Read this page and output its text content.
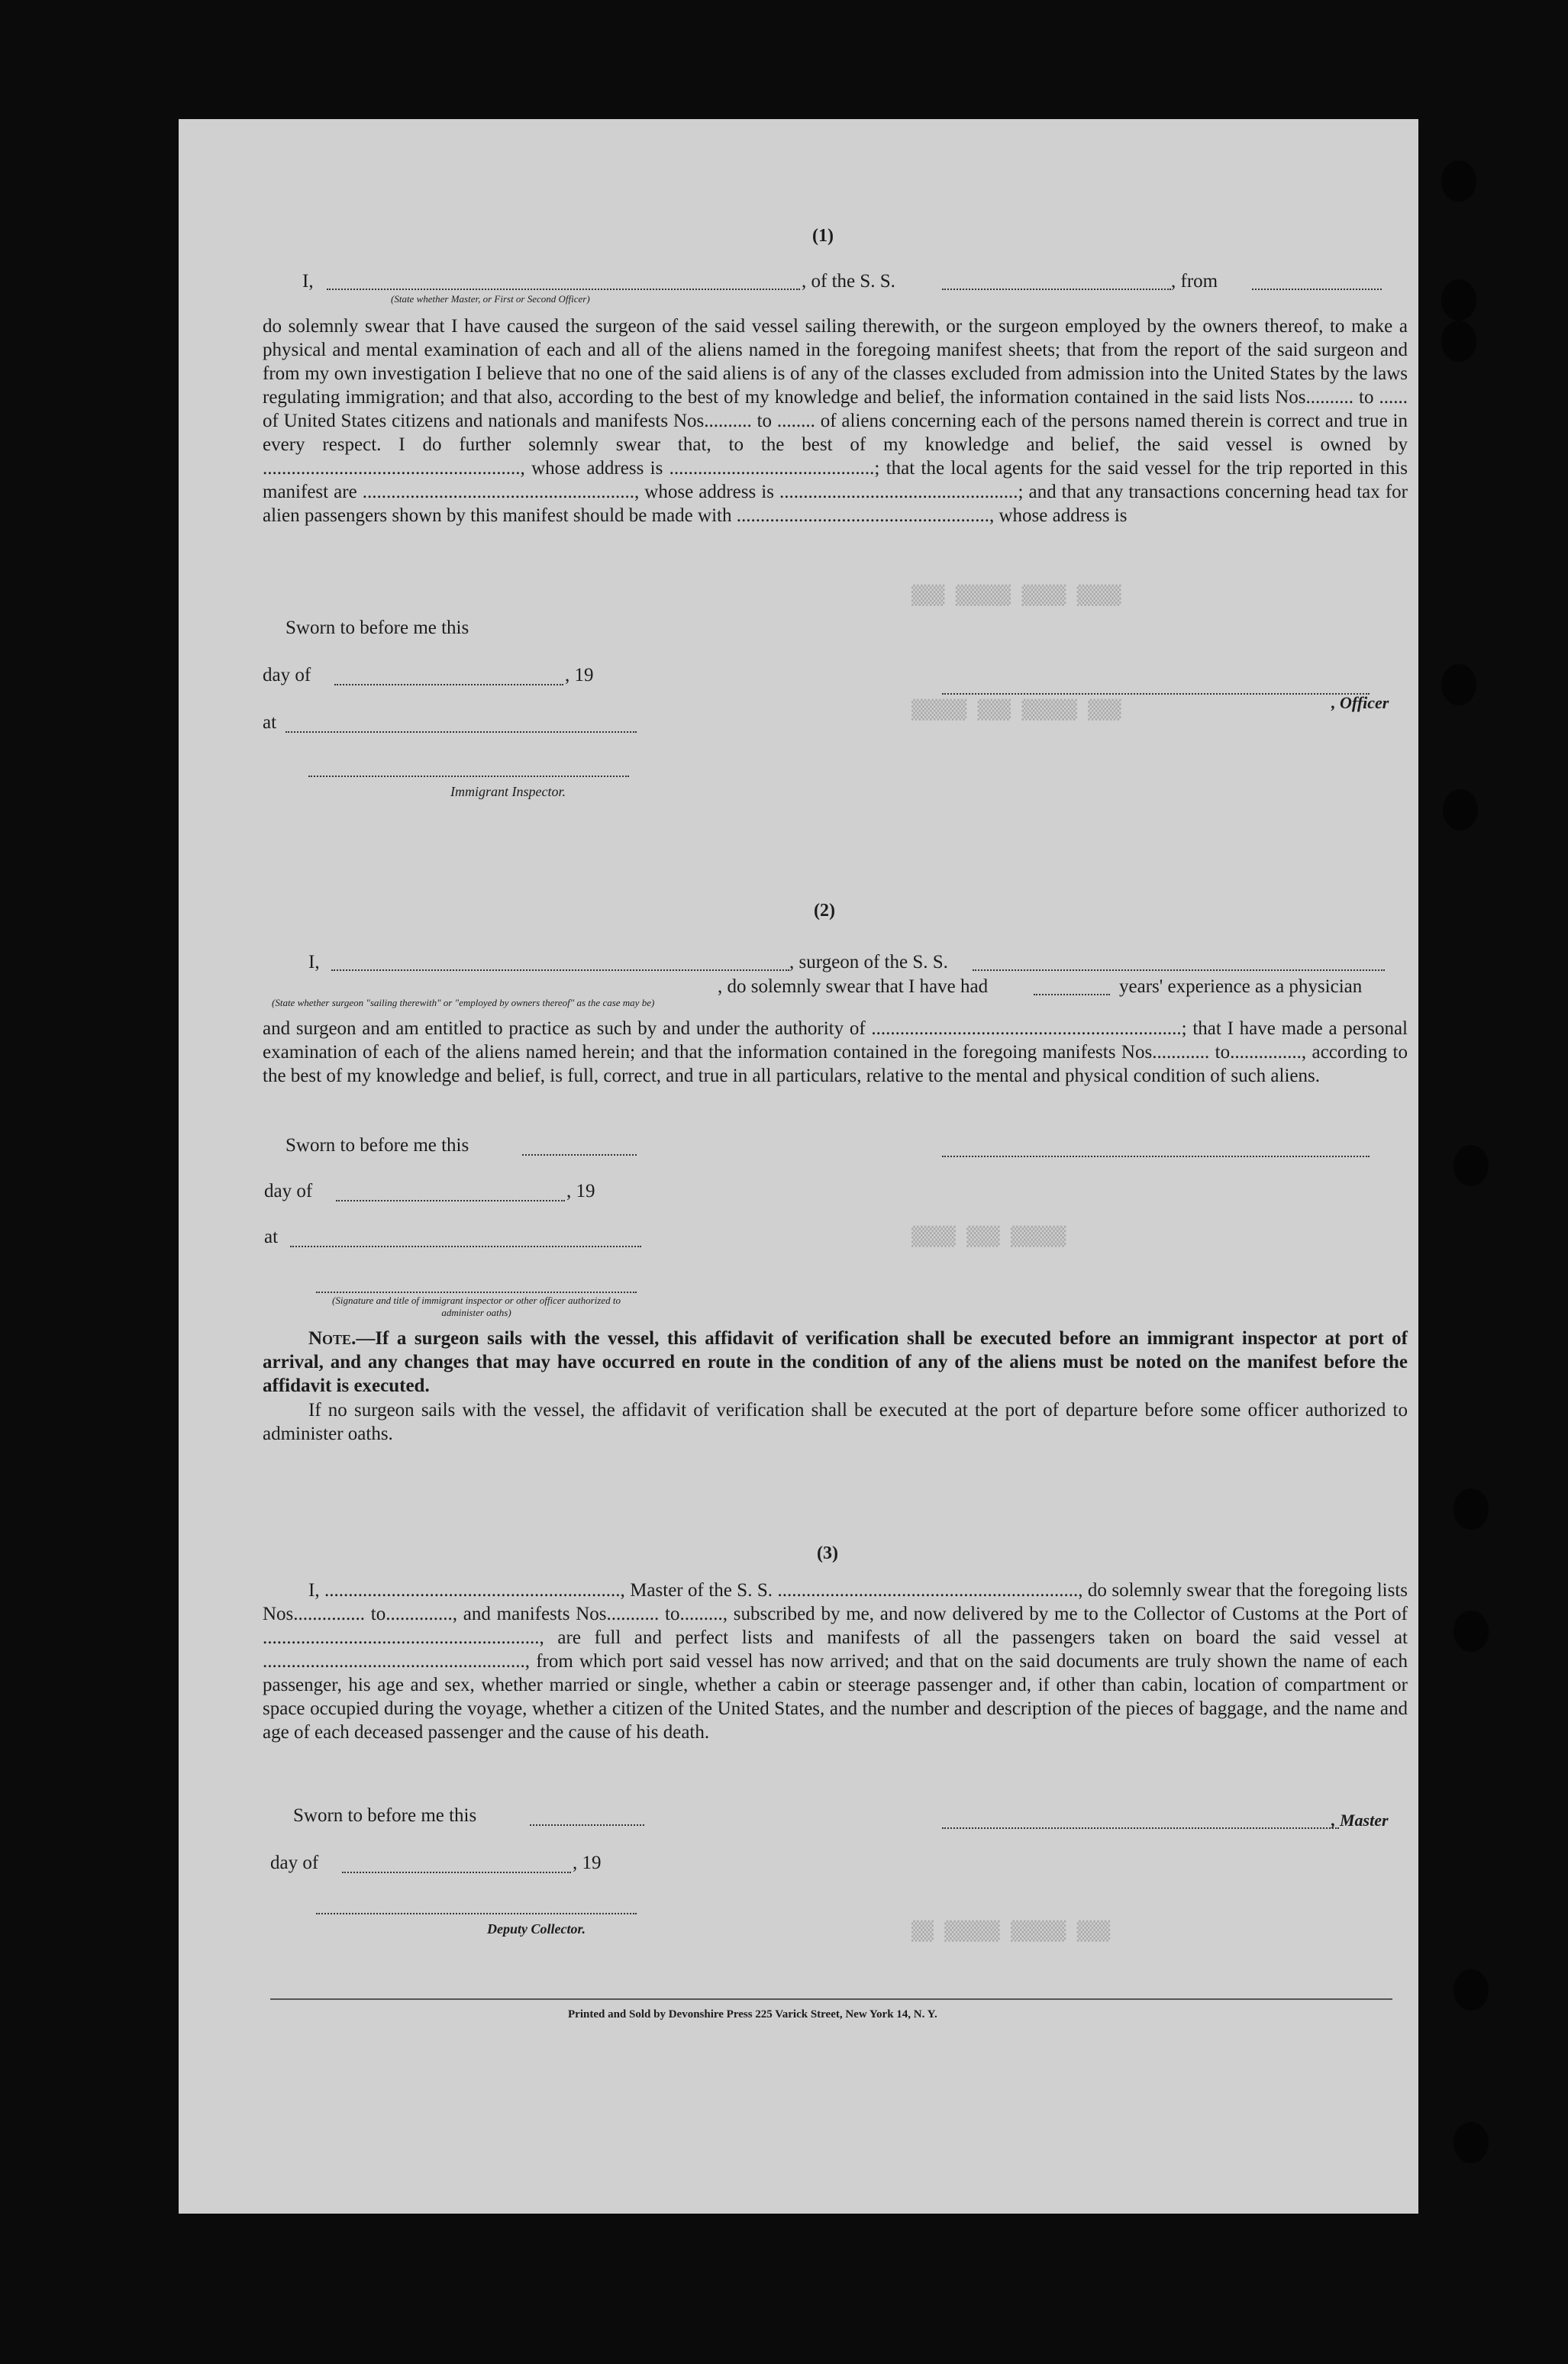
▒▒▒▒ ▒▒▒▒ ▒▒▒▒▒ ▒▒▒
▒▒▒ ▒▒▒▒▒ ▒▒▒ ▒▒▒▒▒
▒▒▒▒▒ ▒▒▒ ▒▒▒▒
▒▒▒ ▒▒▒▒▒ ▒▒▒▒▒ ▒▒
(1)
I,	, of the S. S.	, from
(State whether Master, or First or Second Officer)
do solemnly swear that I have caused the surgeon of the said vessel sailing therewith, or the surgeon employed by the owners thereof, to make a physical and mental examination of each and all of the aliens named in the foregoing manifest sheets; that from the report of the said surgeon and from my own investigation I believe that no one of the said aliens is of any of the classes excluded from admission into the United States by the laws regulating immigration; and that also, according to the best of my knowledge and belief, the information contained in the said lists Nos.......... to ...... of United States citizens and nationals and manifests Nos.......... to ........ of aliens concerning each of the persons named therein is correct and true in every respect. I do further solemnly swear that, to the best of my knowledge and belief, the said vessel is owned by ......................................................, whose address is ...........................................; that the local agents for the said vessel for the trip reported in this manifest are ........................................................., whose address is ..................................................; and that any transactions concerning head tax for alien passengers shown by this manifest should be made with ....................................................., whose address is
Sworn to before me this
day of	, 19
at
Immigrant Inspector.
, Officer
(2)
I,	, surgeon of the S. S.
, do solemnly swear that I have had	years' experience as a physician
(State whether surgeon "sailing therewith" or "employed by owners thereof" as the case may be)
and surgeon and am entitled to practice as such by and under the authority of .................................................................; that I have made a personal examination of each of the aliens named herein; and that the information contained in the foregoing manifests Nos............ to..............., according to the best of my knowledge and belief, is full, correct, and true in all particulars, relative to the mental and physical condition of such aliens.
Sworn to before me this
day of	, 19
at
(Signature and title of immigrant inspector or other officer authorized to administer oaths)
Note.—If a surgeon sails with the vessel, this affidavit of verification shall be executed before an immigrant inspector at port of arrival, and any changes that may have occurred en route in the condition of any of the aliens must be noted on the manifest before the affidavit is executed.
If no surgeon sails with the vessel, the affidavit of verification shall be executed at the port of departure before some officer authorized to administer oaths.
(3)
I, .............................................................., Master of the S. S. ..............................................................., do solemnly swear that the foregoing lists Nos............... to.............., and manifests Nos........... to........., subscribed by me, and now delivered by me to the Collector of Customs at the Port of .........................................................., are full and perfect lists and manifests of all the passengers taken on board the said vessel at ......................................................., from which port said vessel has now arrived; and that on the said documents are truly shown the name of each passenger, his age and sex, whether married or single, whether a cabin or steerage passenger and, if other than cabin, location of compartment or space occupied during the voyage, whether a citizen of the United States, and the number and description of the pieces of baggage, and the name and age of each deceased passenger and the cause of his death.
Sworn to before me this
day of	, 19
Deputy Collector.
, Master
Printed and Sold by Devonshire Press 225 Varick Street, New York 14, N. Y.
